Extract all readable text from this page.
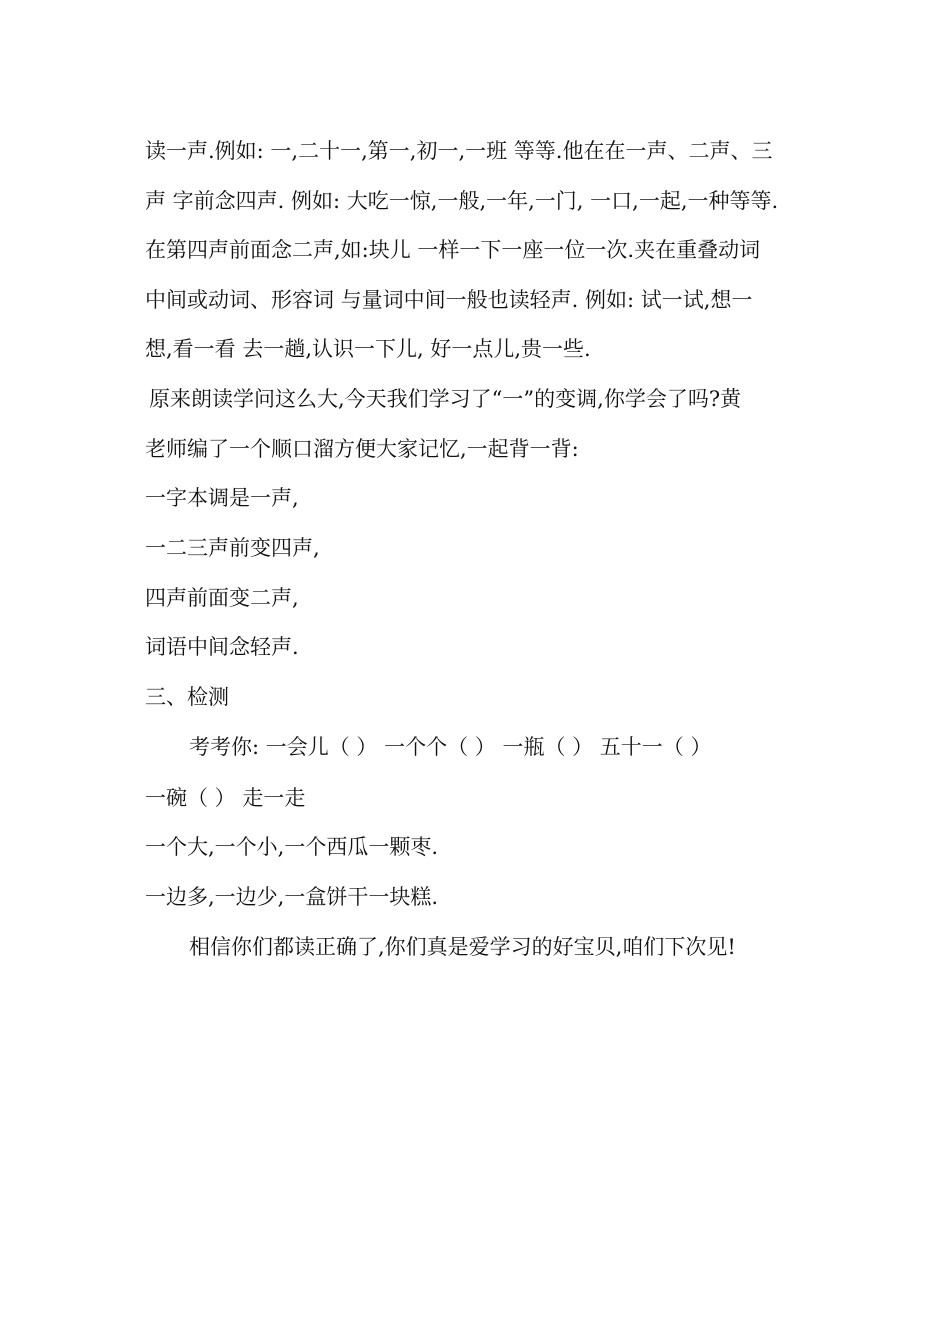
读一声.例如: 一,二十一,第一,初一,一班 等等.他在在一声、二声、三
声 字前念四声. 例如: 大吃一惊,一般,一年,一门, 一口,一起,一种等等.
在第四声前面念二声,如:块儿 一样一下一座一位一次.夹在重叠动词
中间或动词、形容词 与量词中间一般也读轻声. 例如: 试一试,想一
想,看一看 去一趟,认识一下儿, 好一点儿,贵一些.
原来朗读学问这么大,今天我们学习了“一”的变调,你学会了吗?黄
老师编了一个顺口溜方便大家记忆,一起背一背:
一字本调是一声,
一二三声前变四声,
四声前面变二声,
词语中间念轻声.
三、检测
考考你: 一会儿（ ） 一个个（ ） 一瓶（ ） 五十一（ ）
一碗（ ） 走一走
一个大,一个小,一个西瓜一颗枣.
一边多,一边少,一盒饼干一块糕.
相信你们都读正确了,你们真是爱学习的好宝贝,咱们下次见!
